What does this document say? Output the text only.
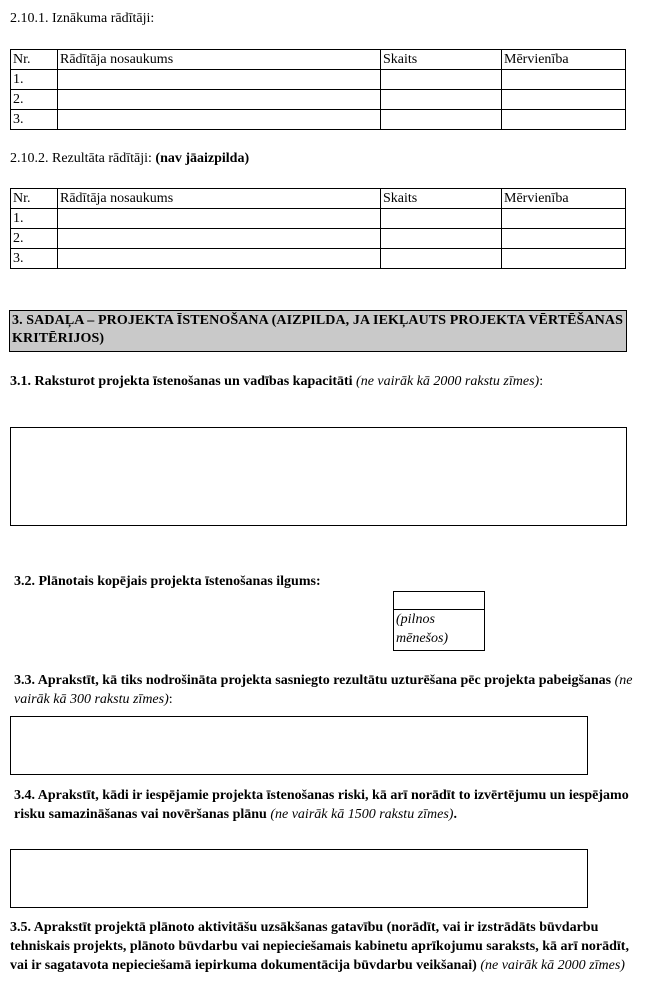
2.10.1. Iznākuma rādītāji:
Nr.	Rādītāja nosaukums	Skaits	Mērvienība
1.			
2.			
3.			
2.10.2. Rezultāta rādītāji: (nav jāaizpilda)
Nr.	Rādītāja nosaukums	Skaits	Mērvienība
1.			
2.			
3.			
3. SADAĻA – PROJEKTA ĪSTENOŠANA (AIZPILDA, JA IEKĻAUTS PROJEKTA VĒRTĒŠANAS KRITĒRIJOS)
3.1. Raksturot projekta īstenošanas un vadības kapacitāti (ne vairāk kā 2000 rakstu zīmes):
3.2. Plānotais kopējais projekta īstenošanas ilgums:
(pilnos mēnešos)
3.3. Aprakstīt, kā tiks nodrošināta projekta sasniegto rezultātu uzturēšana pēc projekta pabeigšanas (ne vairāk kā 300 rakstu zīmes):
3.4. Aprakstīt, kādi ir iespējamie projekta īstenošanas riski, kā arī norādīt to izvērtējumu un iespējamo risku samazināšanas vai novēršanas plānu (ne vairāk kā 1500 rakstu zīmes).
3.5. Aprakstīt projektā plānoto aktivitāšu uzsākšanas gatavību (norādīt, vai ir izstrādāts būvdarbu tehniskais projekts, plānoto būvdarbu vai nepieciešamais kabinetu aprīkojumu saraksts, kā arī norādīt, vai ir sagatavota nepieciešamā iepirkuma dokumentācija būvdarbu veikšanai) (ne vairāk kā 2000 zīmes)
